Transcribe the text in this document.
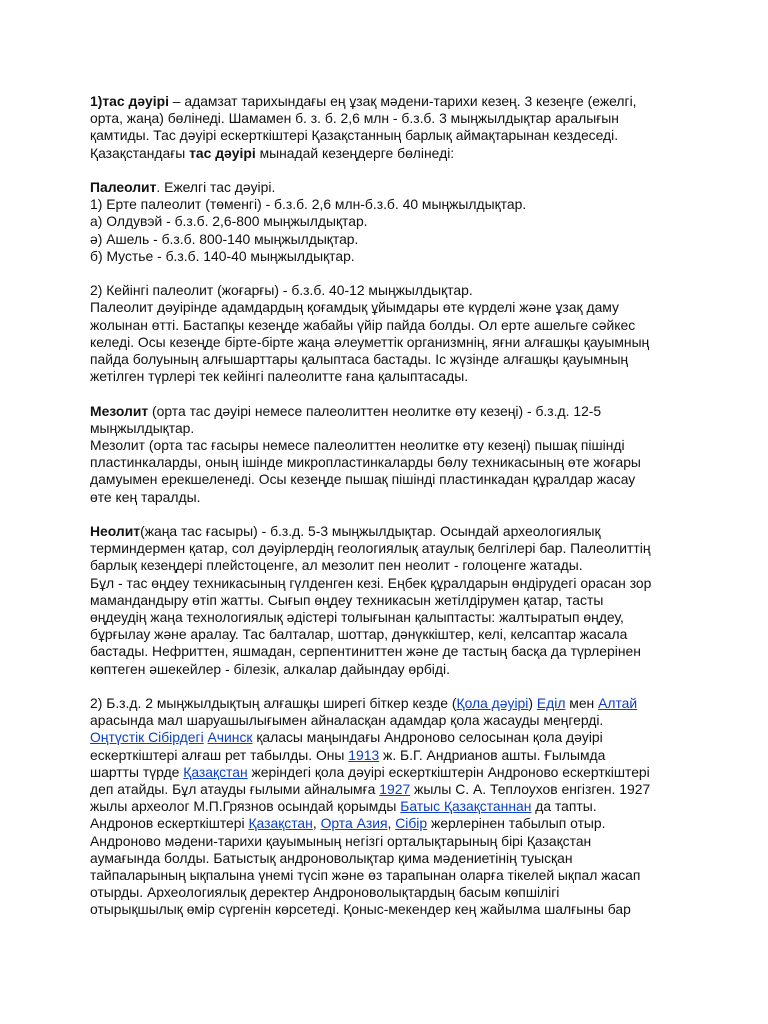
1)тас дәуірі – адамзат тарихындағы ең ұзақ мәдени-тарихи кезең. 3 кезеңге (ежелгі,
орта, жаңа) бөлінеді. Шамамен б. з. б. 2,6 млн - б.з.б. 3 мыңжылдықтар аралығын
қамтиды. Тас дәуірі ескерткіштері Қазақстанның барлық аймақтарынан кездеседі.
Қазақстандағы тас дәуірі мынадай кезеңдерге бөлінеді:
Палеолит. Ежелгі тас дәуірі.
1) Ерте палеолит (төменгі) - б.з.б. 2,6 млн-б.з.б. 40 мыңжылдықтар.
а) Олдувэй - б.з.б. 2,6-800 мыңжылдықтар.
ә) Ашель - б.з.б. 800-140 мыңжылдықтар.
б) Мустье - б.з.б. 140-40 мыңжылдықтар.
2) Кейінгі палеолит (жоғарғы) - б.з.б. 40-12 мыңжылдықтар.
Палеолит дәуірінде адамдардың қоғамдық ұйымдары өте күрделі және ұзақ даму
жолынан өтті. Бастапқы кезеңде жабайы үйір пайда болды. Ол ерте ашельге сәйкес
келеді. Осы кезеңде бірте-бірте жаңа әлеуметтік организмнің, яғни алғашқы қауымның
пайда болуының алғышарттары қалыптаса бастады. Іс жүзінде алғашқы қауымның
жетілген түрлері тек кейінгі палеолитте ғана қалыптасады.
Мезолит (орта тас дәуірі немесе палеолиттен неолитке өту кезеңі) - б.з.д. 12-5
мыңжылдықтар.
Мезолит (орта тас ғасыры немесе палеолиттен неолитке өту кезеңі) пышақ пішінді
пластинкаларды, оның ішінде микропластинкаларды бөлу техникасының өте жоғары
дамуымен ерекшеленеді. Осы кезеңде пышақ пішінді пластинкадан құралдар жасау
өте кең таралды.
Неолит(жаңа тас ғасыры) - б.з.д. 5-3 мыңжылдықтар. Осындай археологиялық
терминдермен қатар, сол дәуірлердің геологиялық атаулық белгілері бар. Палеолиттің
барлық кезеңдері плейстоценге, ал мезолит пен неолит - голоценге жатады.
Бұл - тас өңдеу техникасының гүлденген кезі. Еңбек құралдарын өндірудегі орасан зор
мамандандыру өтіп жатты. Сығып өңдеу техникасын жетілдірумен қатар, тасты
өңдеудің жаңа технологиялық әдістері толығынан қалыптасты: жалтыратып өңдеу,
бұрғылау және аралау. Тас балталар, шоттар, дәнүккіштер, келі, келсаптар жасала
бастады. Нефриттен, яшмадан, серпентиниттен және де тастың басқа да түрлерінен
көптеген әшекейлер - білезік, алкалар дайындау өрбіді.
2) Б.з.д. 2 мыңжылдықтың алғашқы ширегі біткер кезде (Қола дәуірі) Еділ мен Алтай
арасында мал шаруашылығымен айналасқан адамдар қола жасауды меңгерді.
Оңтүстік Сібірдегі Ачинск қаласы маңындағы Андроново селосынан қола дәуірі
ескерткіштері алғаш рет табылды. Оны 1913 ж. Б.Г. Андрианов ашты. Ғылымда
шартты түрде Қазақстан жеріндегі қола дәуірі ескерткіштерін Андроново ескерткіштері
деп атайды. Бұл атауды ғылыми айналымға 1927 жылы С. А. Теплоухов енгізген. 1927
жылы археолог М.П.Грязнов осындай қорымды Батыс Қазақстаннан да тапты.
Андронов ескерткіштері Қазақстан, Орта Азия, Сібір жерлерінен табылып отыр.
Андроново мәдени-тарихи қауымының негізгі орталықтарының бірі Қазақстан
аумағында болды. Батыстық андроноволықтар қима мәдениетінің туысқан
тайпаларының ықпалына үнемі түсіп және өз тарапынан оларға тікелей ықпал жасап
отырды. Археологиялық деректер Андроноволықтардың басым көпшілігі
отырықшылық өмір сүргенін көрсетеді. Қоныс-мекендер кең жайылма шалғыны бар
